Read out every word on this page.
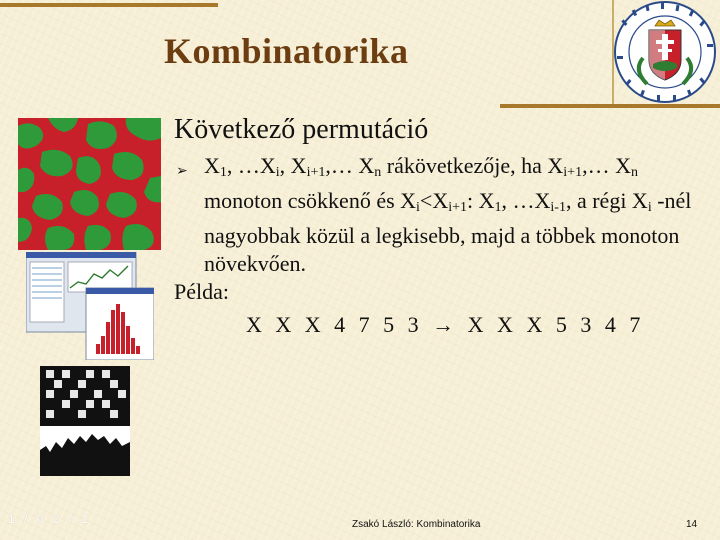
Kombinatorika
Következő permutáció
➢ $X_1$, $\dots X_i$, $X_{i+1},\dots$ $X_n$ rákövetkezője, ha $X_{i+1},\dots$ $X_n$ monoton csökkenő és $X_i<X_{i+1}$: $X_1$, $\dots X_{i-1}$, a régi $X_i$ -nél nagyobbak közül a legkisebb, majd a többek monoton növekvően.
Példa:
X X X 4 7 5 3 → X X X 5 3 4 7
1 / 0 2 / 1	Zsakó László: Kombinatorika	14
